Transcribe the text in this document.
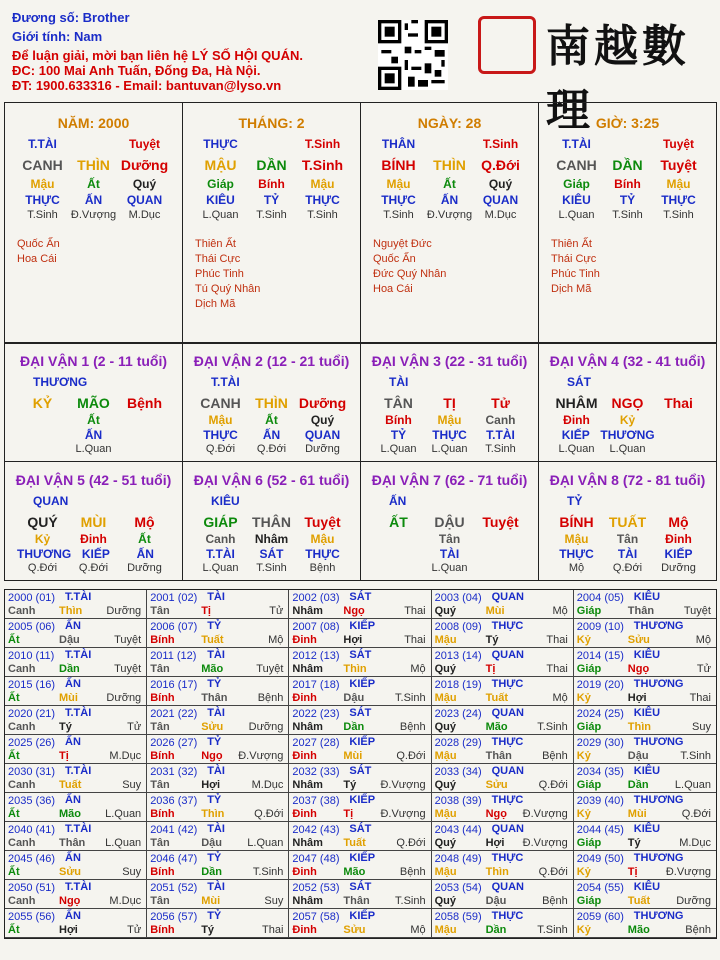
Đương số: Brother
Giới tính: Nam
Để luận giải, mời bạn liên hệ LÝ SỐ HỘI QUÁN.
ĐC: 100 Mai Anh Tuấn, Đống Đa, Hà Nội.
ĐT: 1900.633316 - Email: bantuvan@lyso.vn
南越數理
NĂM: 2000
T.TÀI	Tuyệt
CANH	THÌN Dưỡng
Mậu	Ất	Quý
THỰC	ẤN	QUAN
T.Sinh	Đ.Vượng	M.Dục
Quốc Ấn
Hoa Cái
THÁNG: 2
THỰC	T.Sinh
MẬU	DẦN	T.Sinh
Giáp	Bính	Mậu
KIÊU	TỶ	THỰC
L.Quan	T.Sinh	T.Sinh
Thiên Ất
Thái Cực
Phúc Tinh
Tú Quý Nhân
Dịch Mã
NGÀY: 28
THÂN	T.Sinh
BÍNH	THÌN	Q.Đới
Mậu	Ất	Quý
THỰC	ẤN	QUAN
T.Sinh	Đ.Vượng	M.Dục
Nguyệt Đức
Quốc Ấn
Đức Quý Nhân
Hoa Cái
GIỜ: 3:25
T.TÀI	Tuyệt
CANH	DẦN	Tuyệt
Giáp	Bính	Mậu
KIÊU	TỶ	THỰC
L.Quan	T.Sinh	T.Sinh
Thiên Ất
Thái Cực
Phúc Tinh
Dịch Mã
ĐẠI VẬN 1 (2 - 11 tuổi)
THƯƠNG
KỶ	MÃO	Bệnh
Ất
ẤN
L.Quan
ĐẠI VẬN 2 (12 - 21 tuổi)
T.TÀI
CANH	THÌN Dưỡng
Mậu	Ất	Quý
THỰC	ẤN	QUAN
Q.Đới	Q.Đới	Dưỡng
ĐẠI VẬN 3 (22 - 31 tuổi)
TÀI
TÂN	TỊ	Tử
Bính	Mậu	Canh
TỶ	THỰC	T.TÀI
L.Quan	L.Quan	T.Sinh
ĐẠI VẬN 4 (32 - 41 tuổi)
SÁT
NHÂM	NGỌ	Thai
Đinh	Kỷ
KIẾP THƯƠNG
L.Quan	L.Quan
ĐẠI VẬN 5 (42 - 51 tuổi)
QUAN
QUÝ	MÙI	Mộ
Kỷ	Đinh	Ất
THƯƠNG KIẾP	ẤN
Q.Đới	Q.Đới	Dưỡng
ĐẠI VẬN 6 (52 - 61 tuổi)
KIÊU
GIÁP	THÂN Tuyệt
Canh	Nhâm	Mậu
T.TÀI	SÁT	THỰC
L.Quan	T.Sinh	Bệnh
ĐẠI VẬN 7 (62 - 71 tuổi)
ẤN
ẤT	DẬU	Tuyệt
Tân
TÀI
L.Quan
ĐẠI VẬN 8 (72 - 81 tuổi)
TỶ
BÍNH	TUẤT	Mộ
Mậu	Tân	Đinh
THỰC	TÀI	KIẾP
Mộ	Q.Đới	Dưỡng
2000 (01) T.TÀI
Canh Thìn Dưỡng
2001 (02) TÀI
Tân	Tị	Tử
2002 (03) SÁT
Nhâm Ngọ	Thai
2003 (04) QUAN
Quý	Mùi	Mộ
2004 (05) KIÊU
Giáp Thân	Tuyệt
2005 (06) ẤN
Ất	Dậu	Tuyệt
2006 (07) TỶ
Bính Tuất	Mộ
2007 (08) KIẾP
Đinh Hợi	Thai
2008 (09) THỰC
Mậu	Tý	Thai
2009 (10) THƯƠNG
Kỷ	Sửu	Mộ
2010 (11) T.TÀI
Canh Dần	Tuyệt
2011 (12) TÀI
Tân	Mão	Tuyệt
2012 (13) SÁT
Nhâm Thìn	Mộ
2013 (14) QUAN
Quý	Tị	Thai
2014 (15) KIÊU
Giáp Ngọ	Tử
2015 (16) ẤN
Ất	Mùi	Dưỡng
2016 (17) TỶ
Bính Thân	Bệnh
2017 (18) KIẾP
Đinh Dậu	T.Sinh
2018 (19) THỰC
Mậu	Tuất	Mộ
2019 (20) THƯƠNG
Kỷ	Hợi	Thai
2020 (21) T.TÀI
Canh Tý	Tử
2021 (22) TÀI
Tân	Sửu Dưỡng
2022 (23) SÁT
Nhâm Dần	Bệnh
2023 (24) QUAN
Quý	Mão	T.Sinh
2024 (25) KIÊU
Giáp Thìn	Suy
2025 (26) ẤN
Ất	Tị	M.Dục
2026 (27) TỶ
Bính Ngọ Đ.Vượng
2027 (28) KIẾP
Đinh Mùi	Q.Đới
2028 (29) THỰC
Mậu	Thân	Bệnh
2029 (30) THƯƠNG
Kỷ	Dậu	T.Sinh
2030 (31) T.TÀI
Canh Tuất	Suy
2031 (32) TÀI
Tân	Hợi	M.Dục
2032 (33) SÁT
Nhâm Tý Đ.Vượng
2033 (34) QUAN
Quý	Sửu	Q.Đới
2034 (35) KIÊU
Giáp Dần L.Quan
2035 (36) ẤN
Ất	Mão L.Quan
2036 (37) TỶ
Bính Thìn	Q.Đới
2037 (38) KIẾP
Đinh Tị Đ.Vượng
2038 (39) THỰC
Mậu	Ngọ Đ.Vượng
2039 (40) THƯƠNG
Kỷ	Mùi	Q.Đới
2040 (41) T.TÀI
Canh Thân L.Quan
2041 (42) TÀI
Tân	Dậu L.Quan
2042 (43) SÁT
Nhâm Tuất	Q.Đới
2043 (44) QUAN
Quý	Hợi Đ.Vượng
2044 (45) KIÊU
Giáp Tý	M.Dục
2045 (46) ẤN
Ất	Sửu	Suy
2046 (47) TỶ
Bính Dần	T.Sinh
2047 (48) KIẾP
Đinh Mão	Bệnh
2048 (49) THỰC
Mậu	Thìn	Q.Đới
2049 (50) THƯƠNG
Kỷ	Tị	Đ.Vượng
2050 (51) T.TÀI
Canh Ngọ	M.Dục
2051 (52) TÀI
Tân	Mùi	Suy
2052 (53) SÁT
Nhâm Thân T.Sinh
2053 (54) QUAN
Quý	Dậu	Bệnh
2054 (55) KIÊU
Giáp Tuất Dưỡng
2055 (56) ẤN
Ất	Hợi	Tử
2056 (57) TỶ
Bính Tý	Thai
2057 (58) KIẾP
Đinh Sửu	Mộ
2058 (59) THỰC
Mậu	Dần	T.Sinh
2059 (60) THƯƠNG
Kỷ	Mão	Bệnh
